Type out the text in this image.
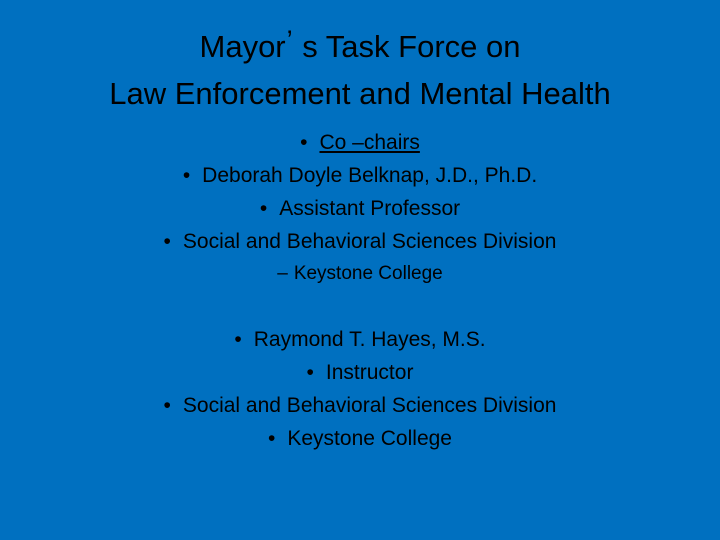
Mayor’ s Task Force on
Law Enforcement and Mental Health
• Co –chairs
• Deborah Doyle Belknap, J.D., Ph.D.
• Assistant Professor
• Social and Behavioral Sciences Division
– Keystone College
• Raymond T. Hayes, M.S.
• Instructor
• Social and Behavioral Sciences Division
• Keystone College
